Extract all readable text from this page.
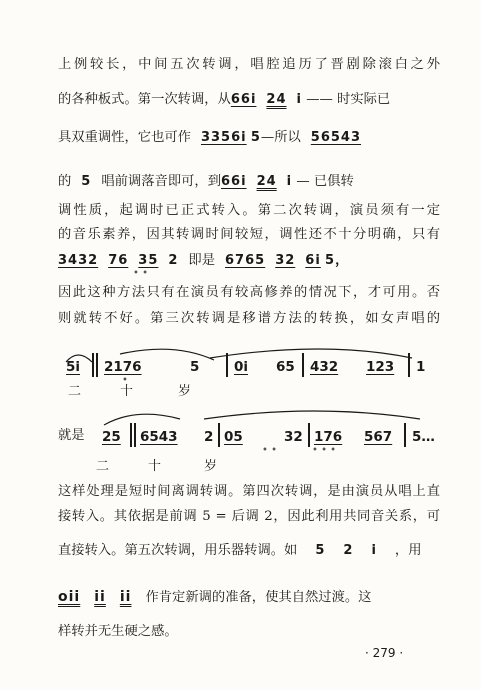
上例较长，中间五次转调，唱腔追历了晋剧除滚白之外
的各种板式。第一次转调，从66i 24 i —— 时实际已
具双重调性，它也可作 3356i 5—所以 56543
的 5 唱前调落音即可，到66i 24 i — 已俱转
调性质，起调时已正式转入。第二次转调，演员须有一定
的音乐素养，因其转调时间较短，调性还不十分明确，只有
3432 76 35 2 即是 6765 32 6i 5，
• •
因此这种方法只有在演员有较高修养的情况下，才可用。否
则就转不好。第三次转调是移谱方法的转换，如女声唱的
5i 2176	5	0i 65 432 123 1
•
二	十	岁
就是	25 6543 2 05	32 176 567 5…
• •	• • •
二	十	岁
这样处理是短时间离调转调。第四次转调，是由演员从唱上直
接转入。其依据是前调 5 = 后调 2，因此利用共同音关系，可
直接转入。第五次转调，用乐器转调。如 5 2 i ，用
oii ii ii 作肯定新调的准备，使其自然过渡。这
样转并无生硬之感。
· 279 ·
